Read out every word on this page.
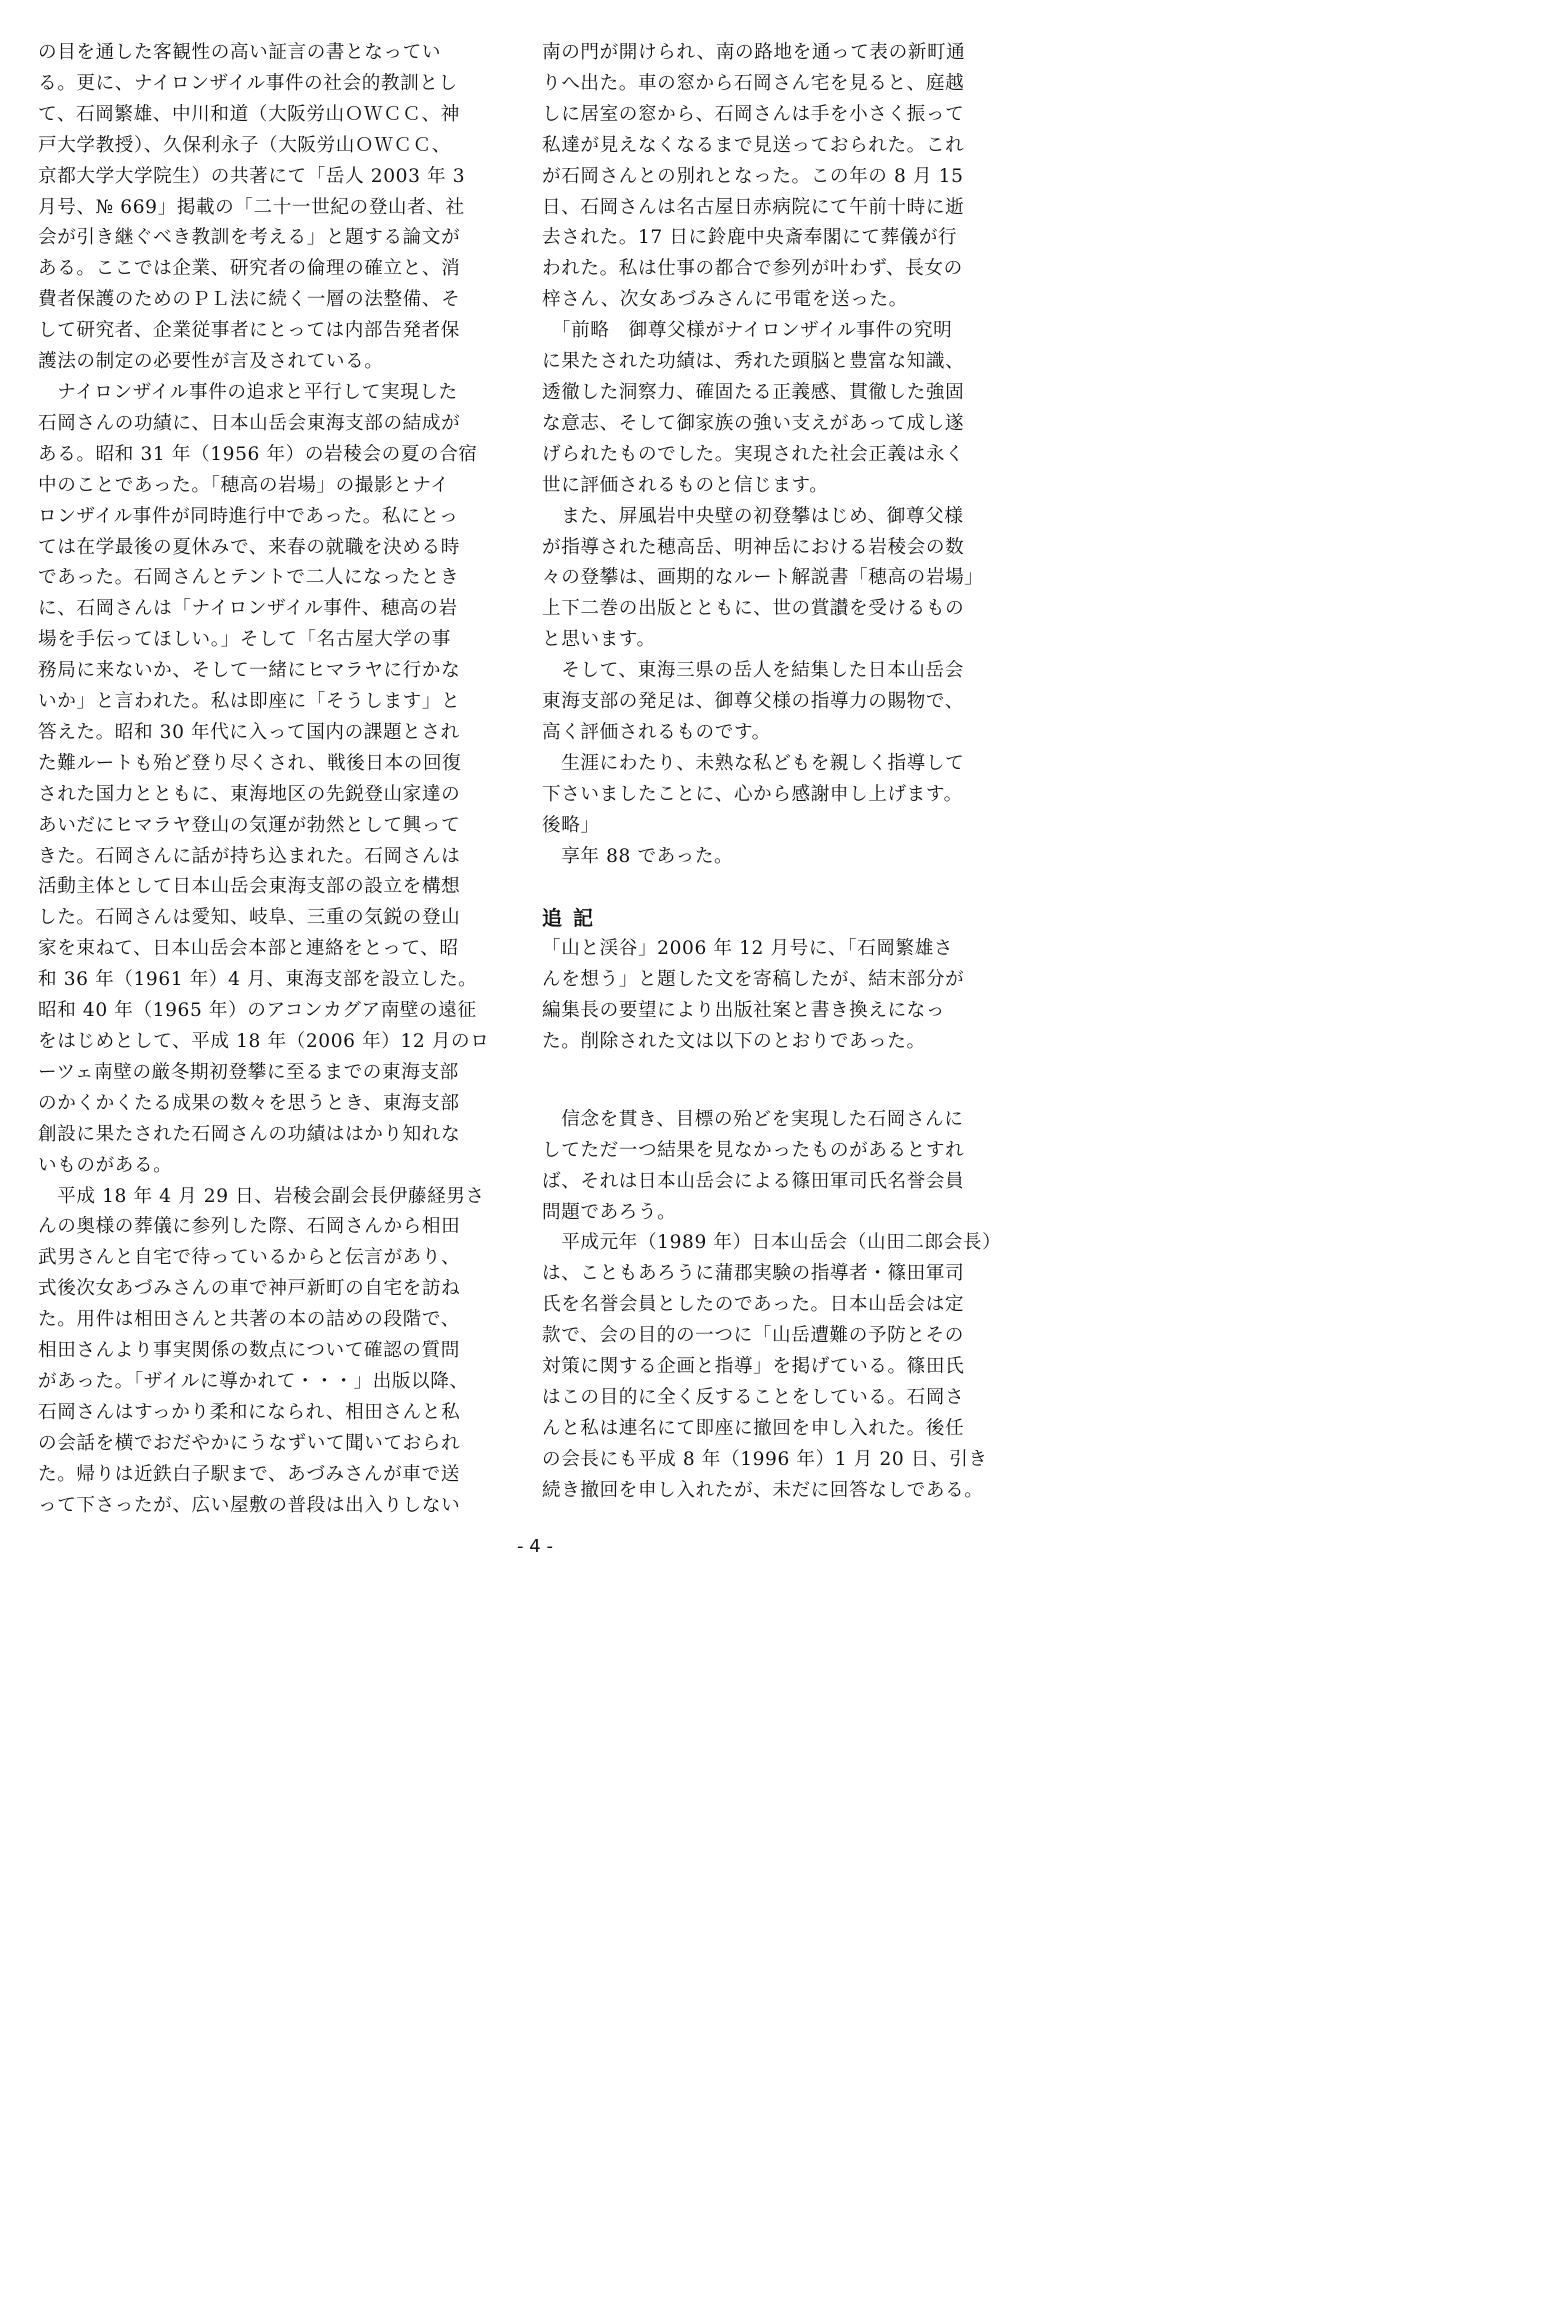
の目を通した客観性の高い証言の書となってい
る。更に、ナイロンザイル事件の社会的教訓とし
て、石岡繁雄、中川和道（大阪労山ＯＷＣＣ、神
戸大学教授）、久保利永子（大阪労山ＯＷＣＣ、
京都大学大学院生）の共著にて「岳人 2003 年 3
月号、№ 669」掲載の「二十一世紀の登山者、社
会が引き継ぐべき教訓を考える」と題する論文が
ある。ここでは企業、研究者の倫理の確立と、消
費者保護のためのＰＬ法に続く一層の法整備、そ
して研究者、企業従事者にとっては内部告発者保
護法の制定の必要性が言及されている。

　ナイロンザイル事件の追求と平行して実現した
石岡さんの功績に、日本山岳会東海支部の結成が
ある。昭和 31 年（1956 年）の岩稜会の夏の合宿
中のことであった。「穂高の岩場」の撮影とナイ
ロンザイル事件が同時進行中であった。私にとっ
ては在学最後の夏休みで、来春の就職を決める時
であった。石岡さんとテントで二人になったとき
に、石岡さんは「ナイロンザイル事件、穂高の岩
場を手伝ってほしい。」そして「名古屋大学の事
務局に来ないか、そして一緒にヒマラヤに行かな
いか」と言われた。私は即座に「そうします」と
答えた。昭和 30 年代に入って国内の課題とされ
た難ルートも殆ど登り尽くされ、戦後日本の回復
された国力とともに、東海地区の先鋭登山家達の
あいだにヒマラヤ登山の気運が勃然として興って
きた。石岡さんに話が持ち込まれた。石岡さんは
活動主体として日本山岳会東海支部の設立を構想
した。石岡さんは愛知、岐阜、三重の気鋭の登山
家を束ねて、日本山岳会本部と連絡をとって、昭
和 36 年（1961 年）4 月、東海支部を設立した。
昭和 40 年（1965 年）のアコンカグア南壁の遠征
をはじめとして、平成 18 年（2006 年）12 月のロ
ーツェ南壁の厳冬期初登攀に至るまでの東海支部
のかくかくたる成果の数々を思うとき、東海支部
創設に果たされた石岡さんの功績ははかり知れな
いものがある。

　平成 18 年 4 月 29 日、岩稜会副会長伊藤経男さ
んの奥様の葬儀に参列した際、石岡さんから相田
武男さんと自宅で待っているからと伝言があり、
式後次女あづみさんの車で神戸新町の自宅を訪ね
た。用件は相田さんと共著の本の詰めの段階で、
相田さんより事実関係の数点について確認の質問
があった。「ザイルに導かれて・・・」出版以降、
石岡さんはすっかり柔和になられ、相田さんと私
の会話を横でおだやかにうなずいて聞いておられ
た。帰りは近鉄白子駅まで、あづみさんが車で送
って下さったが、広い屋敷の普段は出入りしない

南の門が開けられ、南の路地を通って表の新町通
りへ出た。車の窓から石岡さん宅を見ると、庭越
しに居室の窓から、石岡さんは手を小さく振って
私達が見えなくなるまで見送っておられた。これ
が石岡さんとの別れとなった。この年の 8 月 15
日、石岡さんは名古屋日赤病院にて午前十時に逝
去された。17 日に鈴鹿中央斎奉閣にて葬儀が行
われた。私は仕事の都合で参列が叶わず、長女の
梓さん、次女あづみさんに弔電を送った。

　「前略　御尊父様がナイロンザイル事件の究明
に果たされた功績は、秀れた頭脳と豊富な知識、
透徹した洞察力、確固たる正義感、貫徹した強固
な意志、そして御家族の強い支えがあって成し遂
げられたものでした。実現された社会正義は永く
世に評価されるものと信じます。

　また、屏風岩中央壁の初登攀はじめ、御尊父様
が指導された穂高岳、明神岳における岩稜会の数
々の登攀は、画期的なルート解説書「穂高の岩場」
上下二巻の出版とともに、世の賞讃を受けるもの
と思います。

　そして、東海三県の岳人を結集した日本山岳会
東海支部の発足は、御尊父様の指導力の賜物で、
高く評価されるものです。

　生涯にわたり、未熟な私どもを親しく指導して
下さいましたことに、心から感謝申し上げます。
後略」

　享年 88 であった。

追 記

「山と渓谷」2006 年 12 月号に、「石岡繁雄さ
んを想う」と題した文を寄稿したが、結末部分が
編集長の要望により出版社案と書き換えになっ
た。削除された文は以下のとおりであった。

　信念を貫き、目標の殆どを実現した石岡さんに
してただ一つ結果を見なかったものがあるとすれ
ば、それは日本山岳会による篠田軍司氏名誉会員
問題であろう。

　平成元年（1989 年）日本山岳会（山田二郎会長）
は、こともあろうに蒲郡実験の指導者・篠田軍司
氏を名誉会員としたのであった。日本山岳会は定
款で、会の目的の一つに「山岳遭難の予防とその
対策に関する企画と指導」を掲げている。篠田氏
はこの目的に全く反することをしている。石岡さ
んと私は連名にて即座に撤回を申し入れた。後任
の会長にも平成 8 年（1996 年）1 月 20 日、引き
続き撤回を申し入れたが、未だに回答なしである。

- 4 -
